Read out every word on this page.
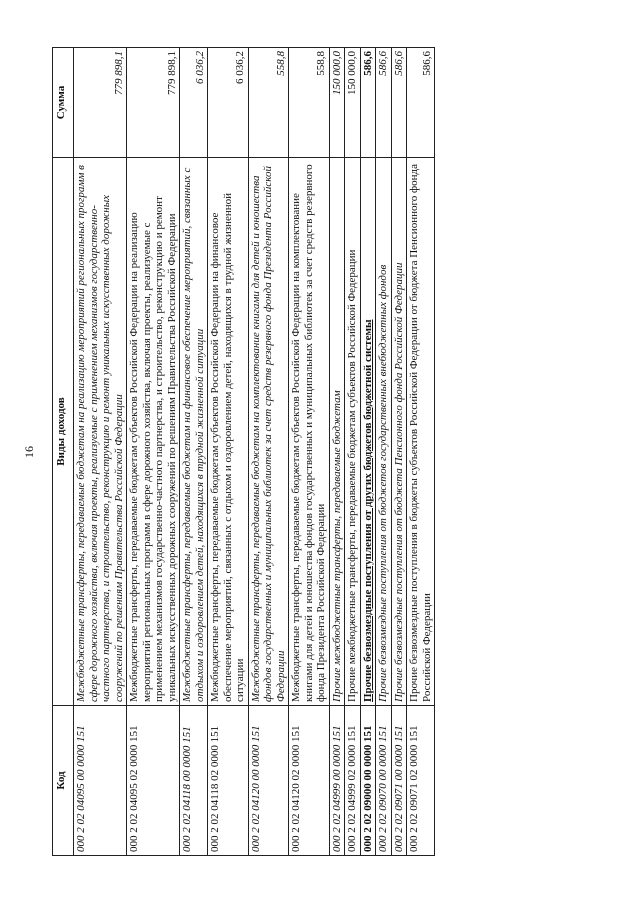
16
Код	Виды доходов	Сумма
000 2 02 04095 00 0000 151	Межбюджетные трансферты, передаваемые бюджетам на реализацию мероприятий региональных программ в сфере дорожного хозяйства, включая проекты, реализуемые с применением механизмов государственно-частного партнерства, и строительство, реконструкцию и ремонт уникальных искусственных дорожных сооружений по решениям Правительства Российской Федерации	779 898,1
000 2 02 04095 02 0000 151	Межбюджетные трансферты, передаваемые бюджетам субъектов Российской Федерации на реализацию мероприятий региональных программ в сфере дорожного хозяйства, включая проекты, реализуемые с применением механизмов государственно-частного партнерства, и строительство, реконструкцию и ремонт уникальных искусственных дорожных сооружений по решениям Правительства Российской Федерации	779 898,1
000 2 02 04118 00 0000 151	Межбюджетные трансферты, передаваемые бюджетам на финансовое обеспечение мероприятий, связанных с отдыхом и оздоровлением детей, находящихся в трудной жизненной ситуации	6 036,2
000 2 02 04118 02 0000 151	Межбюджетные трансферты, передаваемые бюджетам субъектов Российской Федерации на финансовое обеспечение мероприятий, связанных с отдыхом и оздоровлением детей, находящихся в трудной жизненной ситуации	6 036,2
000 2 02 04120 00 0000 151	Межбюджетные трансферты, передаваемые бюджетам на комплектование книгами для детей и юношества фондов государственных и муниципальных библиотек за счет средств резервного фонда Президента Российской Федерации	558,8
000 2 02 04120 02 0000 151	Межбюджетные трансферты, передаваемые бюджетам субъектов Российской Федерации на комплектование книгами для детей и юношества фондов государственных и муниципальных библиотек за счет средств резервного фонда Президента Российской Федерации	558,8
000 2 02 04999 00 0000 151	Прочие межбюджетные трансферты, передаваемые бюджетам	150 000,0
000 2 02 04999 02 0000 151	Прочие межбюджетные трансферты, передаваемые бюджетам субъектов Российской Федерации	150 000,0
000 2 02 09000 00 0000 151	Прочие безвозмездные поступления от других бюджетов бюджетной системы	586,6
000 2 02 09070 00 0000 151	Прочие безвозмездные поступления от бюджетов государственных внебюджетных фондов	586,6
000 2 02 09071 00 0000 151	Прочие безвозмездные поступления от бюджета Пенсионного фонда Российской Федерации	586,6
000 2 02 09071 02 0000 151	Прочие безвозмездные поступления в бюджеты субъектов Российской Федерации от бюджета Пенсионного фонда Российской Федерации	586,6
